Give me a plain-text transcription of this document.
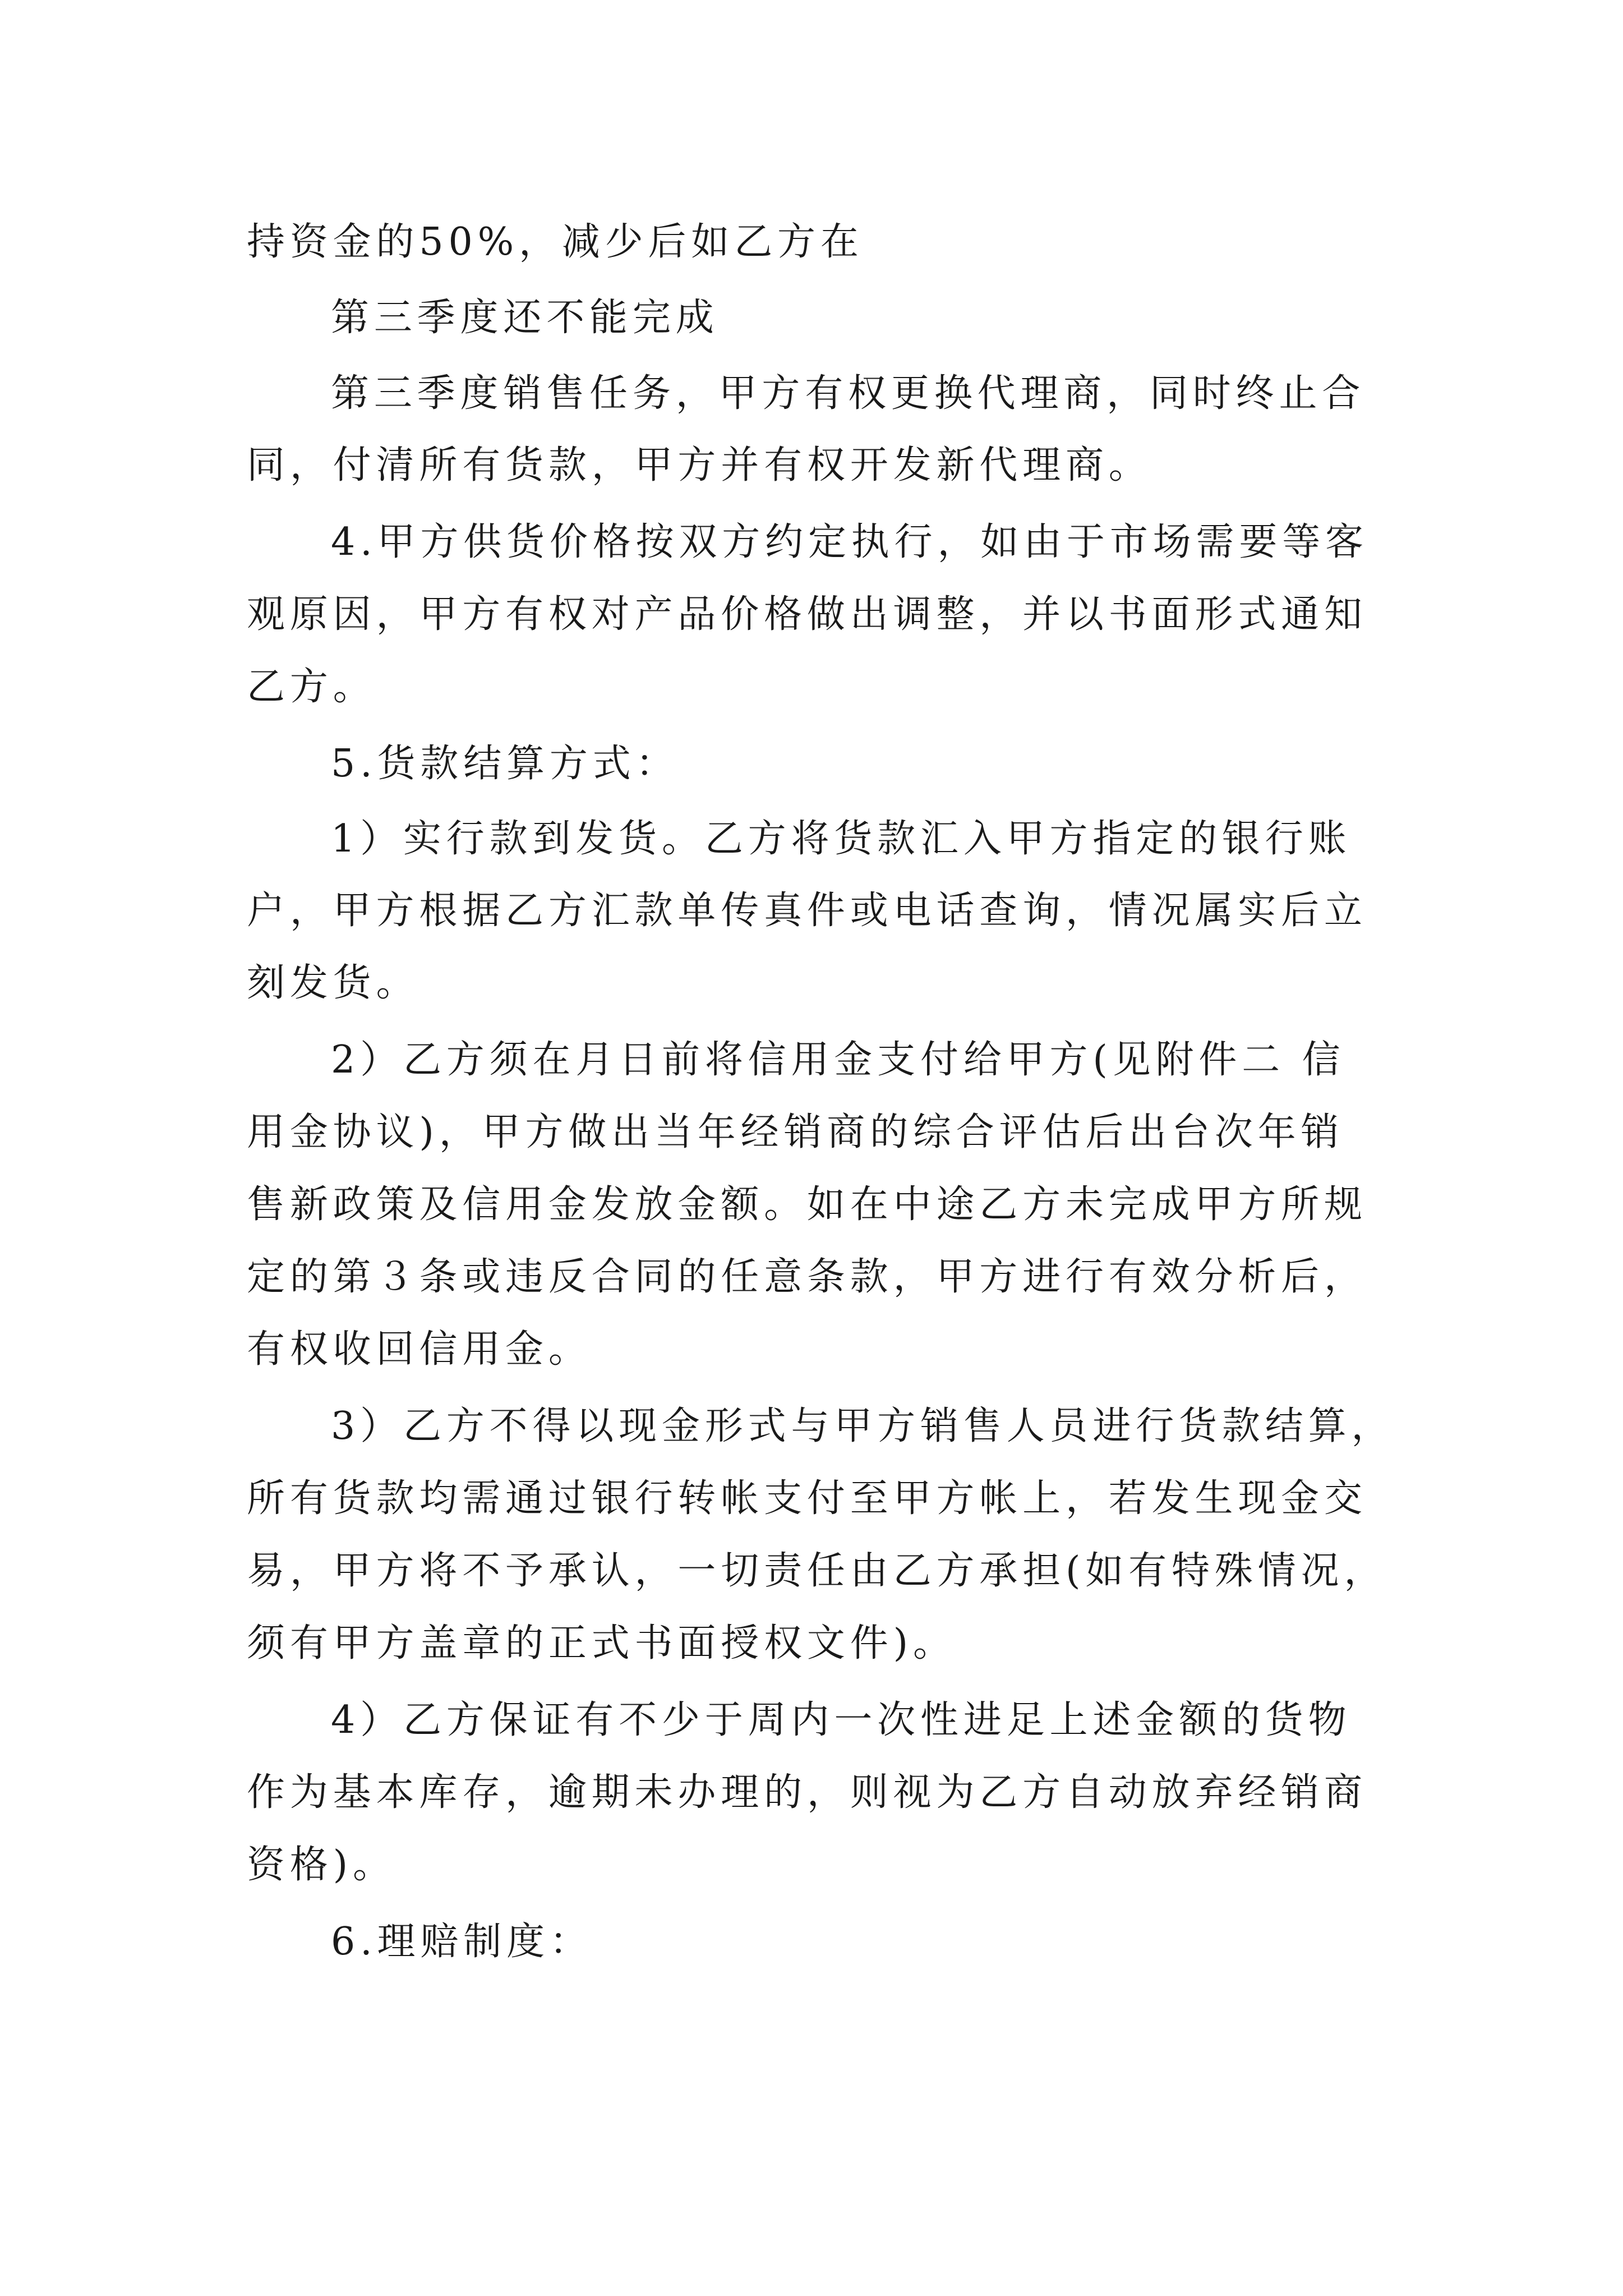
持资金的50%，减少后如乙方在
第三季度还不能完成
第三季度销售任务，甲方有权更换代理商，同时终止合
同，付清所有货款，甲方并有权开发新代理商。
4.甲方供货价格按双方约定执行，如由于市场需要等客
观原因，甲方有权对产品价格做出调整，并以书面形式通知
乙方。
5.货款结算方式：
1）实行款到发货。乙方将货款汇入甲方指定的银行账
户，甲方根据乙方汇款单传真件或电话查询，情况属实后立
刻发货。
2）乙方须在月日前将信用金支付给甲方(见附件二 信
用金协议)，甲方做出当年经销商的综合评估后出台次年销
售新政策及信用金发放金额。如在中途乙方未完成甲方所规
定的第３条或违反合同的任意条款，甲方进行有效分析后，
有权收回信用金。
3）乙方不得以现金形式与甲方销售人员进行货款结算，
所有货款均需通过银行转帐支付至甲方帐上，若发生现金交
易，甲方将不予承认，一切责任由乙方承担(如有特殊情况，
须有甲方盖章的正式书面授权文件)。
4）乙方保证有不少于周内一次性进足上述金额的货物
作为基本库存，逾期未办理的，则视为乙方自动放弃经销商
资格)。
6.理赔制度：
